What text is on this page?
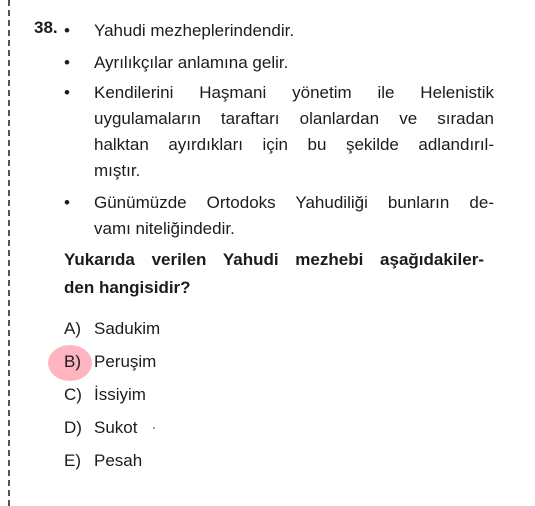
38. •	Yahudi mezheplerindendir.
•	Ayrılıkçılar anlamına gelir.
•	Kendilerini Haşmani yönetim ile Helenistik
uygulamaların taraftarı olanlardan ve sıradan
halktan ayırdıkları için bu şekilde adlandırıl-
mıştır.
•	Günümüzde Ortodoks Yahudiliği bunların de-
vamı niteliğindedir.
Yukarıda verilen Yahudi mezhebi aşağıdakiler-
den hangisidir?
A) Sadukim
B) Peruşim
C) İssiyim
D) Sukot
E) Pesah
